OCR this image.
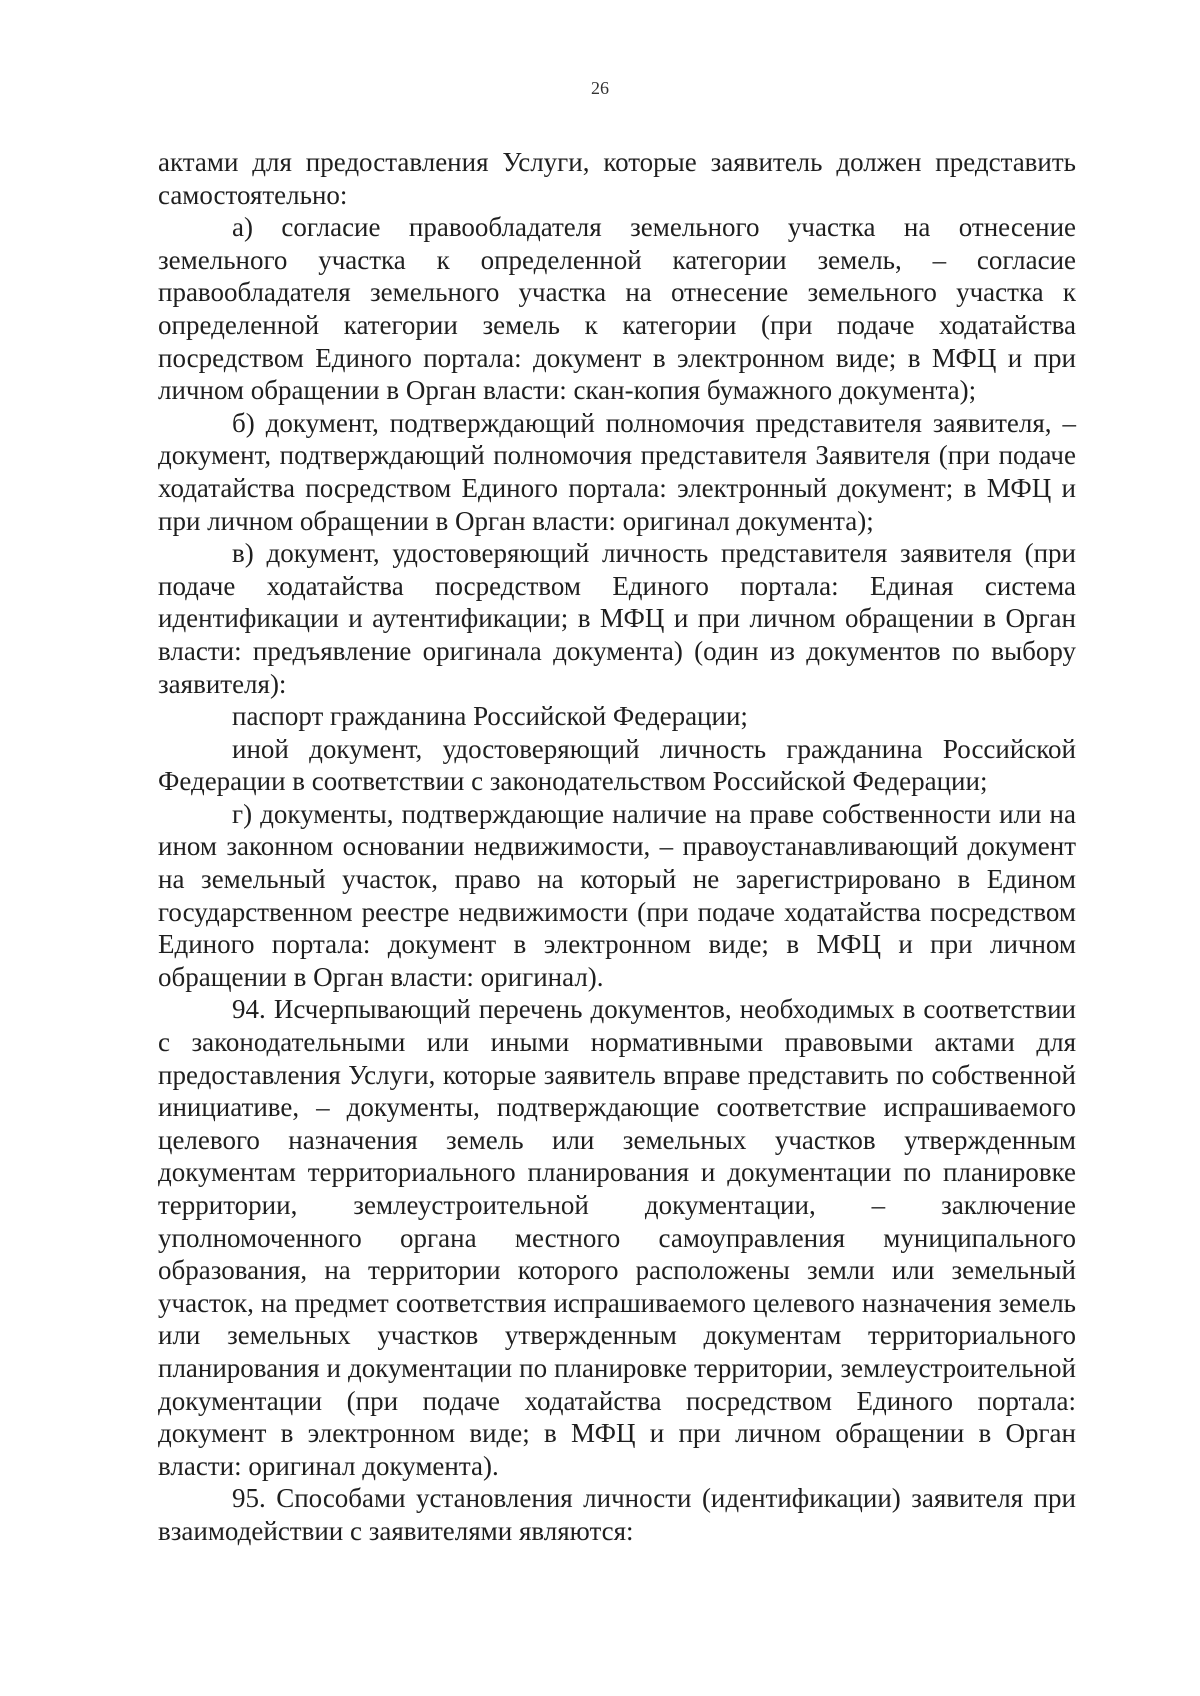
26

актами для предоставления Услуги, которые заявитель должен представить самостоятельно:

а) согласие правообладателя земельного участка на отнесение земельного участка к определенной категории земель, – согласие правообладателя земельного участка на отнесение земельного участка к определенной категории земель к категории (при подаче ходатайства посредством Единого портала: документ в электронном виде; в МФЦ и при личном обращении в Орган власти: скан-копия бумажного документа);

б) документ, подтверждающий полномочия представителя заявителя, – документ, подтверждающий полномочия представителя Заявителя (при подаче ходатайства посредством Единого портала: электронный документ; в МФЦ и при личном обращении в Орган власти: оригинал документа);

в) документ, удостоверяющий личность представителя заявителя (при подаче ходатайства посредством Единого портала: Единая система идентификации и аутентификации; в МФЦ и при личном обращении в Орган власти: предъявление оригинала документа) (один из документов по выбору заявителя):

паспорт гражданина Российской Федерации;

иной документ, удостоверяющий личность гражданина Российской Федерации в соответствии с законодательством Российской Федерации;

г) документы, подтверждающие наличие на праве собственности или на ином законном основании недвижимости, – правоустанавливающий документ на земельный участок, право на который не зарегистрировано в Едином государственном реестре недвижимости (при подаче ходатайства посредством Единого портала: документ в электронном виде; в МФЦ и при личном обращении в Орган власти: оригинал).

94. Исчерпывающий перечень документов, необходимых в соответствии с законодательными или иными нормативными правовыми актами для предоставления Услуги, которые заявитель вправе представить по собственной инициативе, – документы, подтверждающие соответствие испрашиваемого целевого назначения земель или земельных участков утвержденным документам территориального планирования и документации по планировке территории, землеустроительной документации, – заключение уполномоченного органа местного самоуправления муниципального образования, на территории которого расположены земли или земельный участок, на предмет соответствия испрашиваемого целевого назначения земель или земельных участков утвержденным документам территориального планирования и документации по планировке территории, землеустроительной документации (при подаче ходатайства посредством Единого портала: документ в электронном виде; в МФЦ и при личном обращении в Орган власти: оригинал документа).

95. Способами установления личности (идентификации) заявителя при взаимодействии с заявителями являются:
